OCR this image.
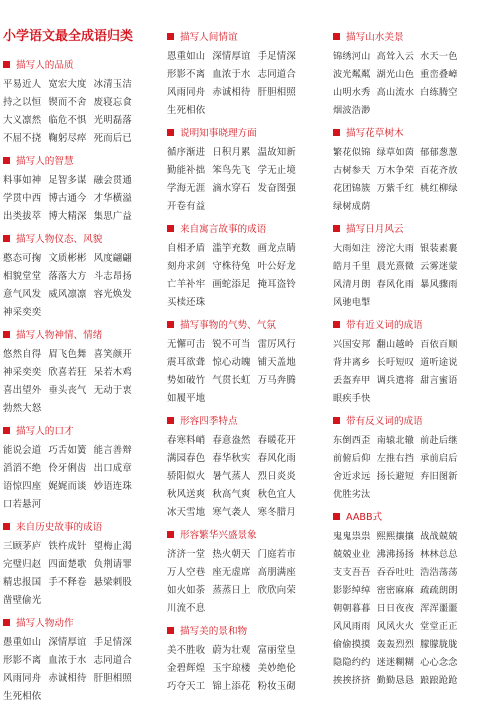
小学语文最全成语归类
描写人的品质
平易近人 宽宏大度 冰清玉洁
持之以恒 锲而不舍 废寝忘食
大义凛然 临危不惧 光明磊落
不屈不挠 鞠躬尽瘁 死而后已
描写人的智慧
料事如神 足智多谋 融会贯通
学贯中西 博古通今 才华横溢
出类拔萃 博大精深 集思广益
描写人物仪态、风貌
憨态可掬 文质彬彬 风度翩翩
相貌堂堂 落落大方 斗志昂扬
意气风发 威风凛凛 容光焕发
神采奕奕
描写人物神情、情绪
悠然自得 眉飞色舞 喜笑颜开
神采奕奕 欣喜若狂 呆若木鸡
喜出望外 垂头丧气 无动于衷
勃然大怒
描写人的口才
能说会道 巧舌如簧 能言善辩
滔滔不绝 伶牙俐齿 出口成章
语惊四座 娓娓而谈 妙语连珠
口若悬河
来自历史故事的成语
三顾茅庐 铁杵成针 望梅止渴
完璧归赵 四面楚歌 负荆请罪
精忠报国 手不释卷 悬梁刺股
凿壁偷光
描写人物动作
愚重如山 深情厚谊 手足情深
形影不离 血浓于水 志同道合
风雨同舟 赤诚相待 肝胆相照
生死相依
描写人间情谊
恩重如山 深情厚谊 手足情深
形影不离 血浓于水 志同道合
风雨同舟 赤诚相待 肝胆相照
生死相依
说明知事晓理方面
循序渐进 日积月累 温故知新
勤能补拙 笨鸟先飞 学无止境
学海无涯 滴水穿石 发奋图强
开卷有益
来自寓言故事的成语
自相矛盾 滥竽充数 画龙点睛
刻舟求剑 守株待兔 叶公好龙
亡羊补牢 画蛇添足 掩耳盗铃
买椟还珠
描写事物的气势、气氛
无懈可击 锐不可当 雷厉风行
震耳欲聋 惊心动魄 铺天盖地
势如破竹 气贯长虹 万马奔腾
如履平地
形容四季特点
春寒料峭 春意盎然 春暖花开
满园春色 春华秋实 春风化雨
骄阳似火 暑气蒸人 烈日炎炎
秋风送爽 秋高气爽 秋色宜人
冰天雪地 寒气袭人 寒冬腊月
形容繁华兴盛景象
济济一堂 热火朝天 门庭若市
万人空巷 座无虚席 高朋满座
如火如荼 蒸蒸日上 欣欣向荣
川流不息
描写美的景和物
美不胜收 蔚为壮观 富丽堂皇
金碧辉煌 玉宇琼楼 美妙绝伦
巧夺天工 锦上添花 粉妆玉砌
描写山水美景
锦绣河山 高耸入云 水天一色
波光粼粼 湖光山色 重峦叠嶂
山明水秀 高山流水 白练腾空
烟波浩渺
描写花草树木
繁花似锦 绿草如茵 郁郁葱葱
古树参天 万木争荣 百花齐放
花团锦簇 万紫千红 桃红柳绿
绿树成荫
描写日月风云
大雨如注 滂沱大雨 银装素裹
皓月千里 晨光熹微 云雾迷蒙
风清月朗 春风化雨 暴风骤雨
风驰电掣
带有近义词的成语
兴国安邦 翻山越岭 百依百顺
背井离乡 长吁短叹 道听途说
丢盔弃甲 调兵遣将 甜言蜜语
眼疾手快
带有反义词的成语
东倒西歪 南辕北辙 前赴后继
前俯后仰 左推右挡 承前启后
舍近求远 扬长避短 弃旧图新
优胜劣汰
AABB式
鬼鬼祟祟 熙熙攘攘 战战兢兢
兢兢业业 沸沸扬扬 林林总总
支支吾吾 吞吞吐吐 浩浩荡荡
影影绰绰 密密麻麻 疏疏朗朗
朝朝暮暮 日日夜夜 浑浑噩噩
风风雨雨 风风火火 堂堂正正
偷偷摸摸 轰轰烈烈 朦朦胧胧
隐隐约约 迷迷糊糊 心心念念
挨挨挤挤 勤勤恳恳 踉踉跄跄
